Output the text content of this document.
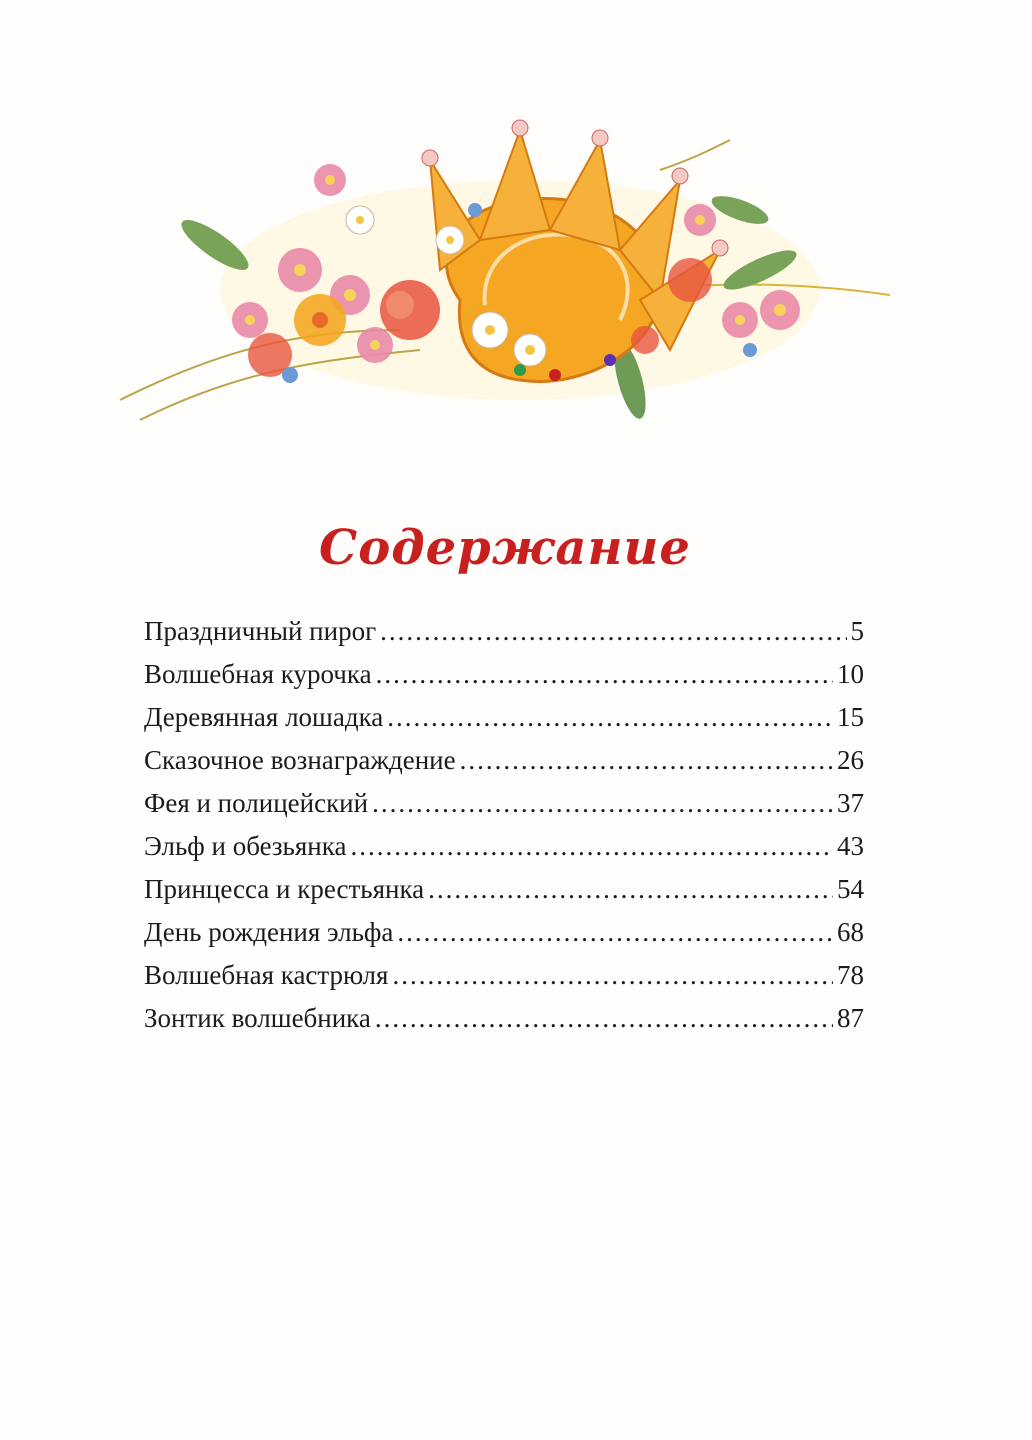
Содержание
Праздничный пирог .....	5
Волшебная курочка .....	10
Деревянная лошадка .....	15
Сказочное вознаграждение .....	26
Фея и полицейский .....	37
Эльф и обезьянка .....	43
Принцесса и крестьянка .....	54
День рождения эльфа .....	68
Волшебная кастрюля .....	78
Зонтик волшебника .....	87
